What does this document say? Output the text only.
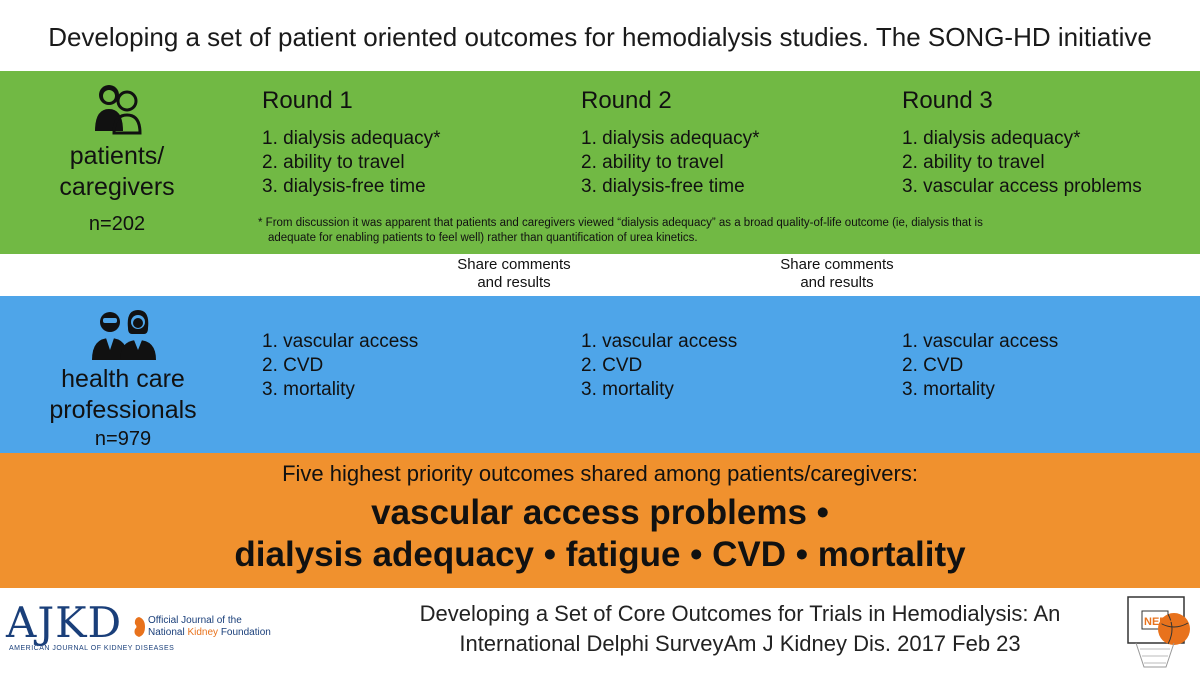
Developing a set of patient oriented outcomes for hemodialysis studies. The SONG-HD initiative
patients/
caregivers
n=202
Round 1
1. dialysis adequacy*
2. ability to travel
3. dialysis-free time
Round 2
1. dialysis adequacy*
2. ability to travel
3. dialysis-free time
Round 3
1. dialysis adequacy*
2. ability to travel
3. vascular access problems
* From discussion it was apparent that patients and caregivers viewed “dialysis adequacy” as a broad quality-of-life outcome (ie, dialysis that is
adequate for enabling patients to feel well) rather than quantification of urea kinetics.
Share comments
and results
Share comments
and results
health care
professionals
n=979
1. vascular access
2. CVD
3. mortality
1. vascular access
2. CVD
3. mortality
1. vascular access
2. CVD
3. mortality
Five highest priority outcomes shared among patients/caregivers:
vascular access problems •
dialysis adequacy • fatigue • CVD • mortality
AJKD
AMERICAN JOURNAL OF KIDNEY DISEASES
Official Journal of the
National Kidney Foundation
Developing a Set of Core Outcomes for Trials in Hemodialysis: An
International Delphi SurveyAm J Kidney Dis. 2017 Feb 23
NEPH
